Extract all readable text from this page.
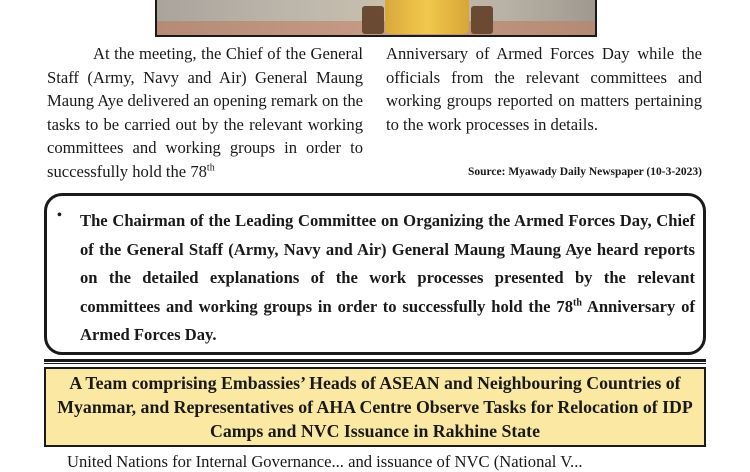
At the meeting, the Chief of the General Staff (Army, Navy and Air) General Maung Maung Aye delivered an opening remark on the tasks to be carried out by the relevant working committees and working groups in order to successfully hold the 78th

Anniversary of Armed Forces Day while the officials from the relevant committees and working groups reported on matters pertaining to the work processes in details.

Source: Myawady Daily Newspaper (10-3-2023)
• The Chairman of the Leading Committee on Organizing the Armed Forces Day, Chief of the General Staff (Army, Navy and Air) General Maung Maung Aye heard reports on the detailed explanations of the work processes presented by the relevant committees and working groups in order to successfully hold the 78th Anniversary of Armed Forces Day.
A Team comprising Embassies’ Heads of ASEAN and Neighbouring Countries of Myanmar, and Representatives of AHA Centre Observe Tasks for Relocation of IDP Camps and NVC Issuance in Rakhine State
United Nations for Internal Governance... and issuance of NVC (National V...
